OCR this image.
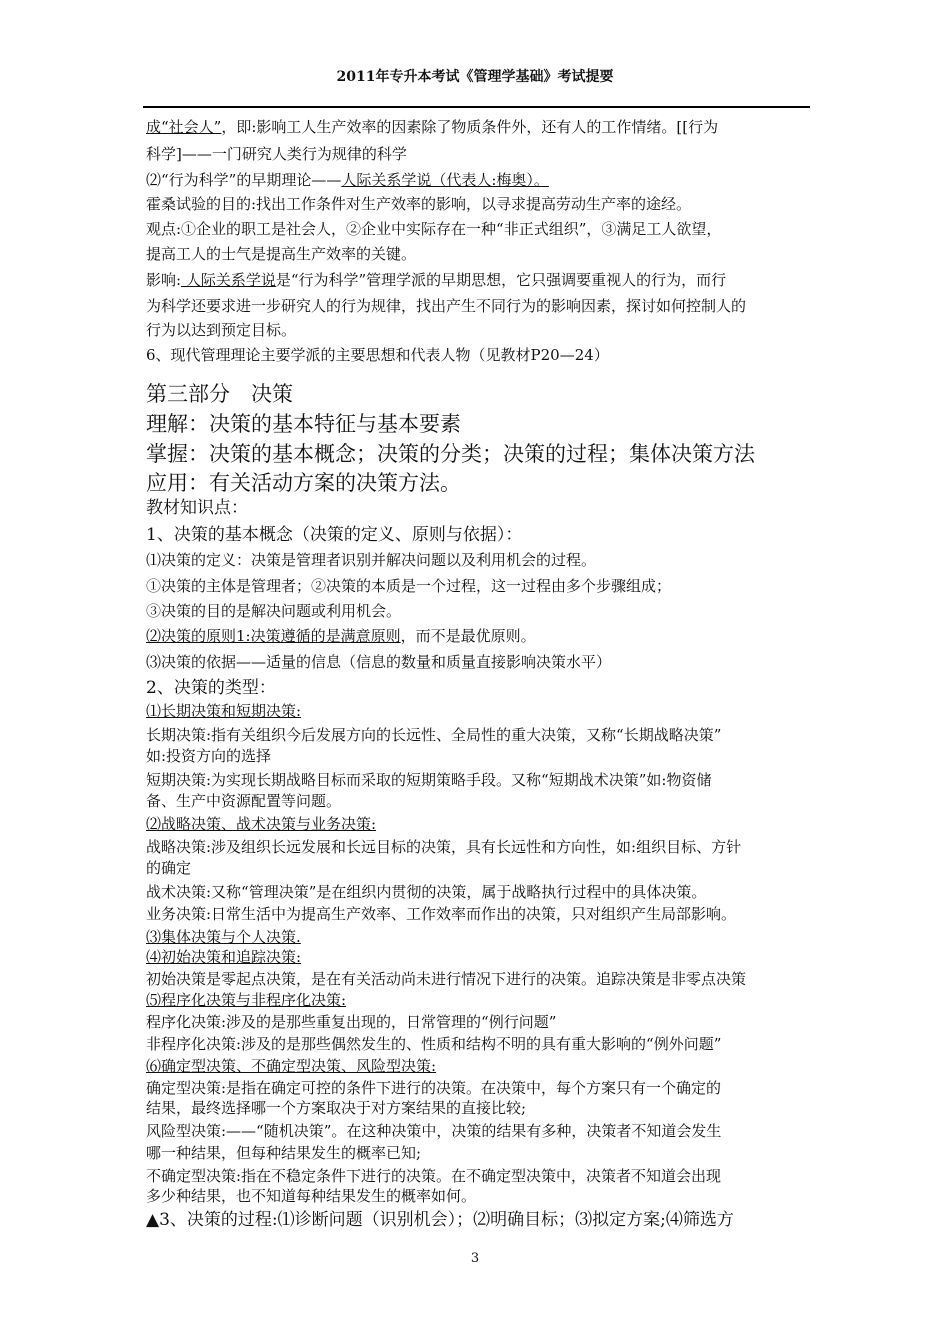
2011年专升本考试《管理学基础》考试提要
成“社会人”，即:影响工人生产效率的因素除了物质条件外，还有人的工作情绪。[[行为
科学]——一门研究人类行为规律的科学
⑵“行为科学”的早期理论——人际关系学说（代表人:梅奥）。
霍桑试验的目的:找出工作条件对生产效率的影响，以寻求提高劳动生产率的途经。
观点:①企业的职工是社会人，②企业中实际存在一种“非正式组织”，③满足工人欲望，
提高工人的士气是提高生产效率的关键。
影响: 人际关系学说是“行为科学”管理学派的早期思想，它只强调要重视人的行为，而行
为科学还要求进一步研究人的行为规律，找出产生不同行为的影响因素，探讨如何控制人的
行为以达到预定目标。
6、现代管理理论主要学派的主要思想和代表人物（见教材P20—24）
第三部分　决策
理解：决策的基本特征与基本要素
掌握：决策的基本概念；决策的分类；决策的过程；集体决策方法
应用：有关活动方案的决策方法。
教材知识点：
1、决策的基本概念（决策的定义、原则与依据）：
⑴决策的定义：决策是管理者识别并解决问题以及利用机会的过程。
①决策的主体是管理者；②决策的本质是一个过程，这一过程由多个步骤组成；
③决策的目的是解决问题或利用机会。
⑵决策的原则1:决策遵循的是满意原则，而不是最优原则。
⑶决策的依据——适量的信息（信息的数量和质量直接影响决策水平）
2、决策的类型：
⑴长期决策和短期决策:
长期决策:指有关组织今后发展方向的长远性、全局性的重大决策，又称“长期战略决策”
如:投资方向的选择
短期决策:为实现长期战略目标而采取的短期策略手段。又称“短期战术决策”如:物资储
备、生产中资源配置等问题。
⑵战略决策、战术决策与业务决策:
战略决策:涉及组织长远发展和长远目标的决策，具有长远性和方向性，如:组织目标、方针
的确定
战术决策:又称“管理决策”是在组织内贯彻的决策，属于战略执行过程中的具体决策。
业务决策:日常生活中为提高生产效率、工作效率而作出的决策，只对组织产生局部影响。
⑶集体决策与个人决策.
⑷初始决策和追踪决策:
初始决策是零起点决策，是在有关活动尚未进行情况下进行的决策。追踪决策是非零点决策
⑸程序化决策与非程序化决策:
程序化决策:涉及的是那些重复出现的，日常管理的“例行问题”
非程序化决策:涉及的是那些偶然发生的、性质和结构不明的具有重大影响的“例外问题”
⑹确定型决策、不确定型决策、风险型决策:
确定型决策:是指在确定可控的条件下进行的决策。在决策中，每个方案只有一个确定的
结果，最终选择哪一个方案取决于对方案结果的直接比较;
风险型决策:——“随机决策”。在这种决策中，决策的结果有多种，决策者不知道会发生
哪一种结果，但每种结果发生的概率已知;
不确定型决策:指在不稳定条件下进行的决策。在不确定型决策中，决策者不知道会出现
多少种结果，也不知道每种结果发生的概率如何。
▲3、决策的过程:⑴诊断问题（识别机会）；⑵明确目标；⑶拟定方案;⑷筛选方
3
